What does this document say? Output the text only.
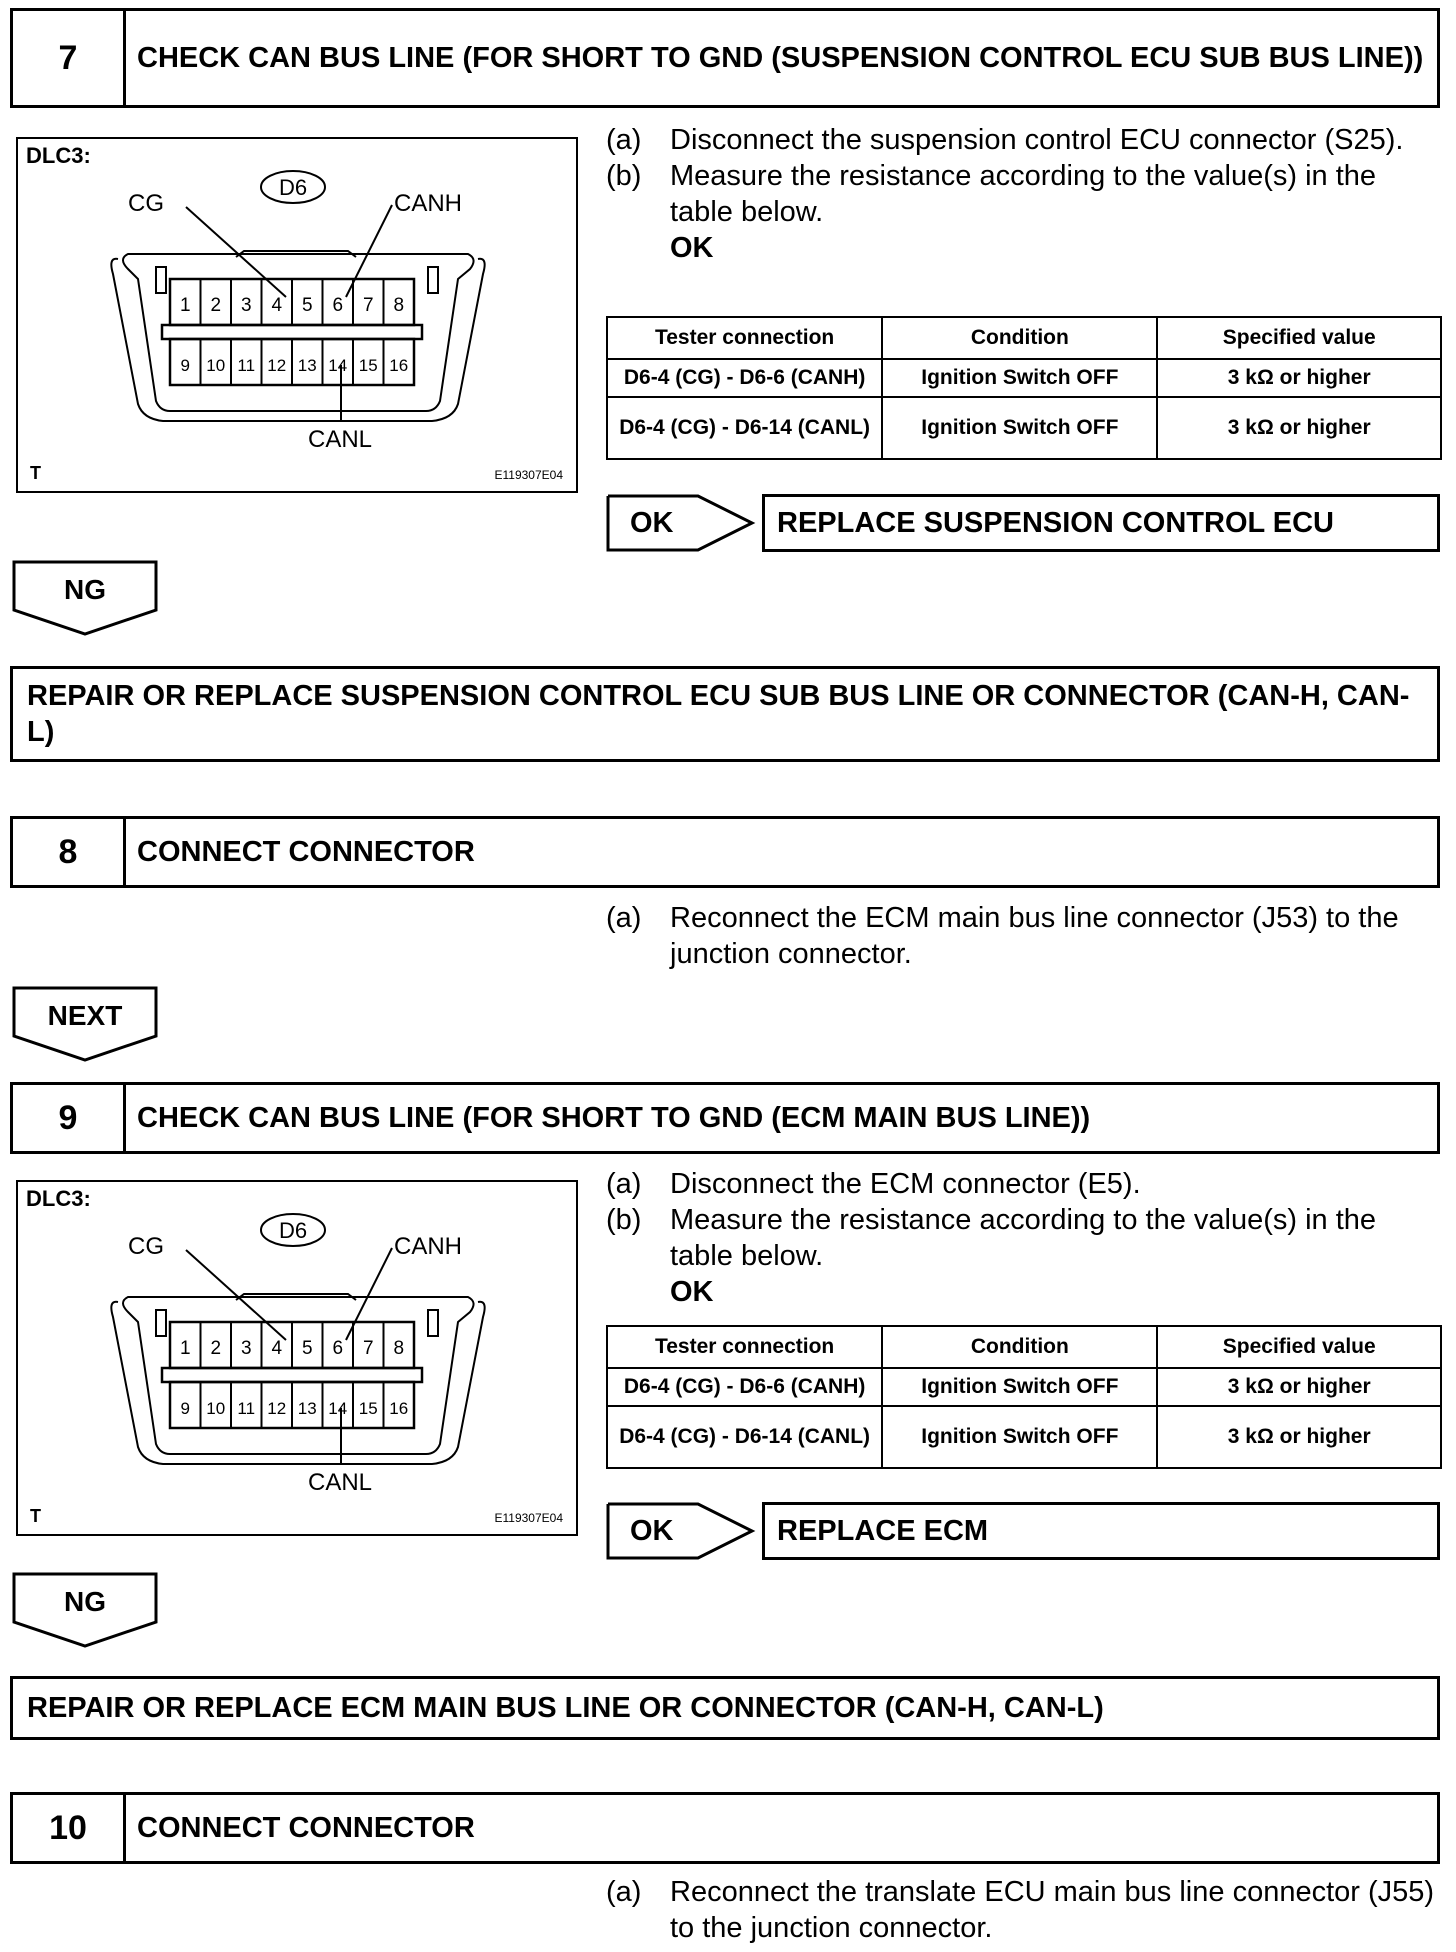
7	CHECK CAN BUS LINE (FOR SHORT TO GND (SUSPENSION CONTROL ECU SUB BUS LINE))
1 2 3 4 5 6 7 8
9 10 11 12 13 14 15 16
DLC3:
D6
CG	CANH
CANL
T	E119307E04
(a) Disconnect the suspension control ECU connector (S25).
(b) Measure the resistance according to the value(s) in the table below.
OK
Tester connection	Condition	Specified value
D6-4 (CG) - D6-6 (CANH)	Ignition Switch OFF	3 kΩ or higher
D6-4 (CG) - D6-14 (CANL)	Ignition Switch OFF	3 kΩ or higher
OK	REPLACE SUSPENSION CONTROL ECU
NG
REPAIR OR REPLACE SUSPENSION CONTROL ECU SUB BUS LINE OR CONNECTOR (CAN-H, CAN-L)
8	CONNECT CONNECTOR
(a) Reconnect the ECM main bus line connector (J53) to the junction connector.
NEXT
9	CHECK CAN BUS LINE (FOR SHORT TO GND (ECM MAIN BUS LINE))
1 2 3 4 5 6 7 8
9 10 11 12 13 14 15 16
DLC3:
D6
CG	CANH
CANL
T	E119307E04
(a) Disconnect the ECM connector (E5).
(b) Measure the resistance according to the value(s) in the table below.
OK
Tester connection	Condition	Specified value
D6-4 (CG) - D6-6 (CANH)	Ignition Switch OFF	3 kΩ or higher
D6-4 (CG) - D6-14 (CANL)	Ignition Switch OFF	3 kΩ or higher
OK	REPLACE ECM
NG
REPAIR OR REPLACE ECM MAIN BUS LINE OR CONNECTOR (CAN-H, CAN-L)
10	CONNECT CONNECTOR
(a) Reconnect the translate ECU main bus line connector (J55) to the junction connector.
